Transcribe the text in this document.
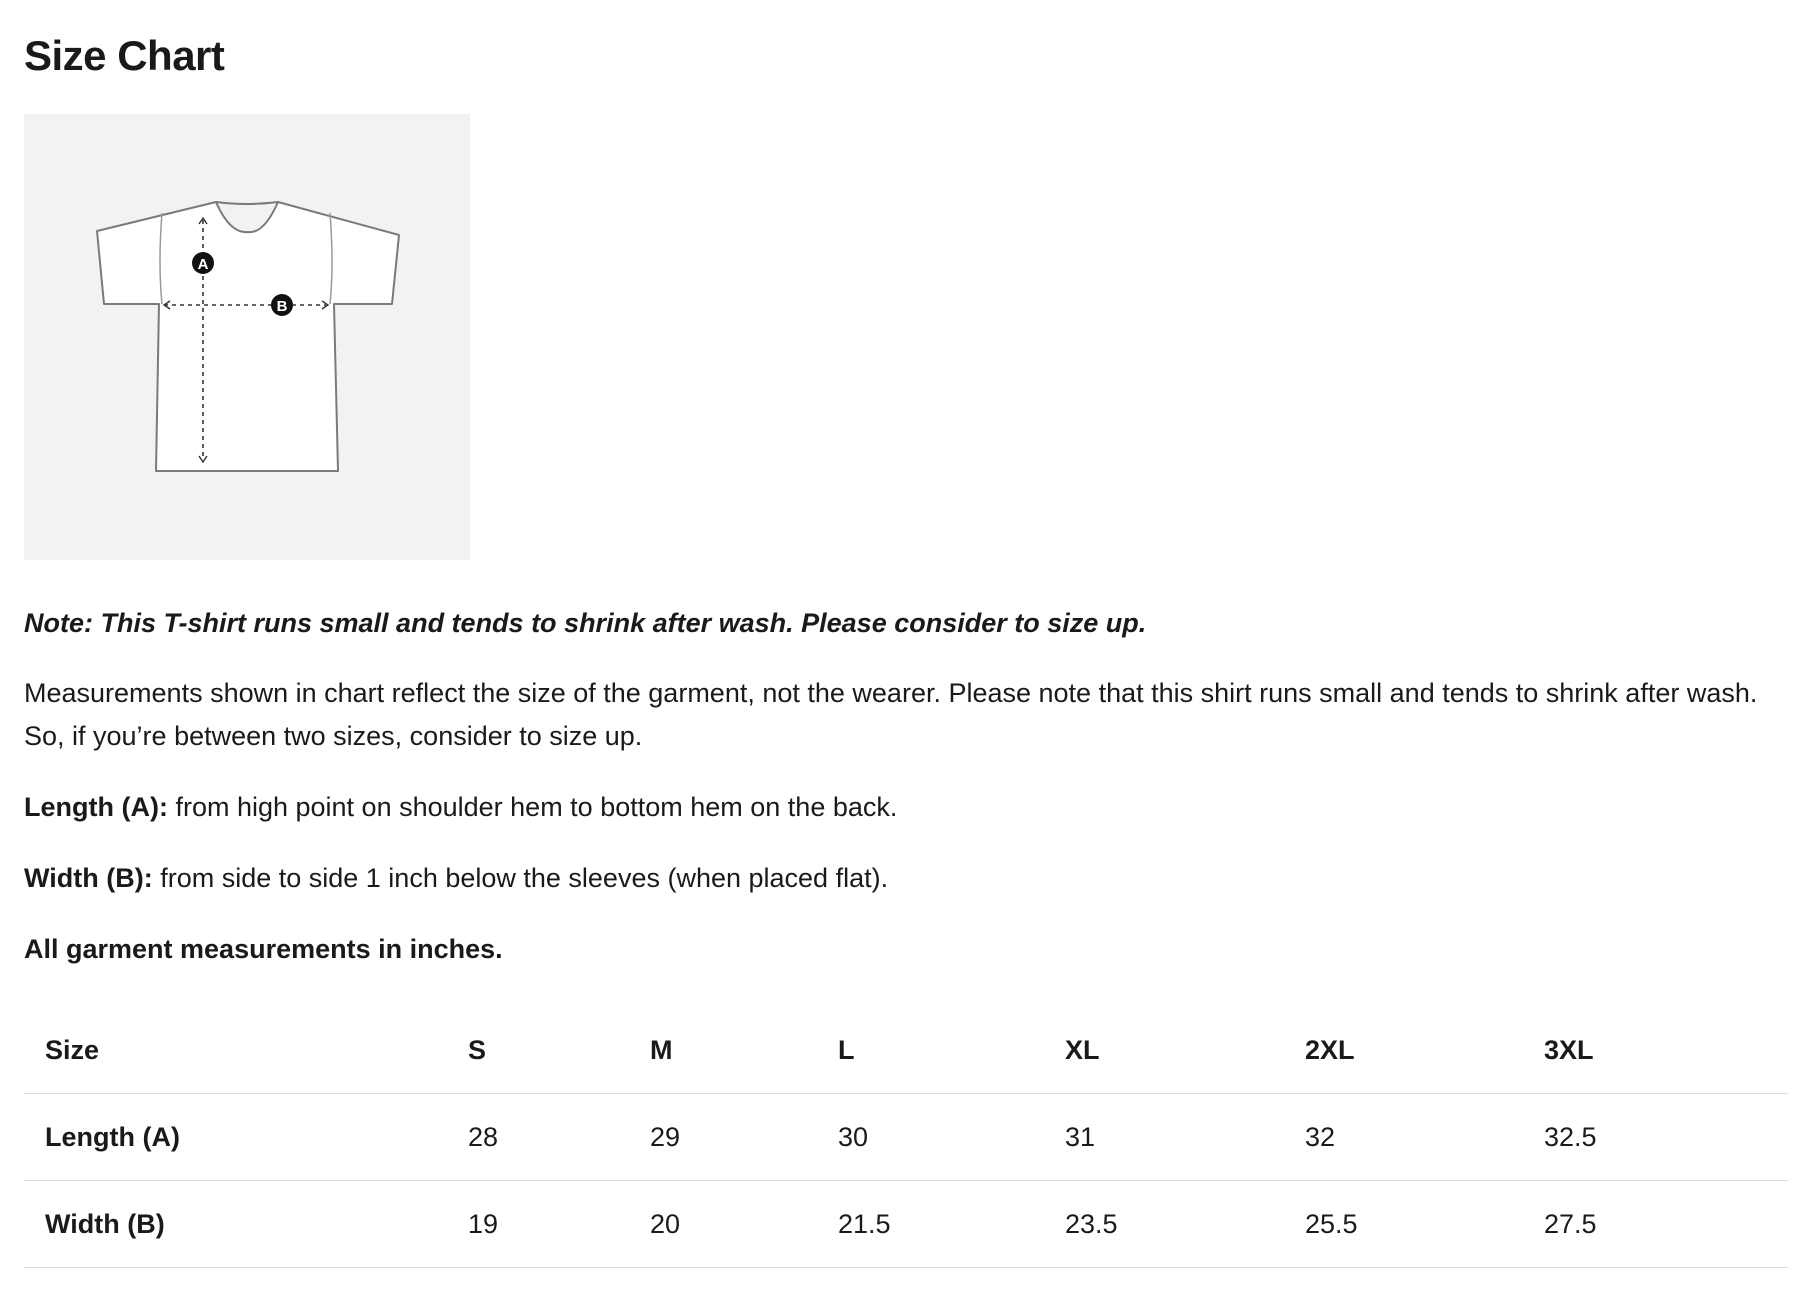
Size Chart
A
B
Note: This T-shirt runs small and tends to shrink after wash. Please consider to size up.
Measurements shown in chart reflect the size of the garment, not the wearer. Please note that this shirt runs small and tends to shrink after wash. So, if you’re between two sizes, consider to size up.
Length (A): from high point on shoulder hem to bottom hem on the back.
Width (B): from side to side 1 inch below the sleeves (when placed flat).
All garment measurements in inches.
Size	S	M	L	XL	2XL	3XL
Length (A)	28	29	30	31	32	32.5
Width (B)	19	20	21.5	23.5	25.5	27.5
